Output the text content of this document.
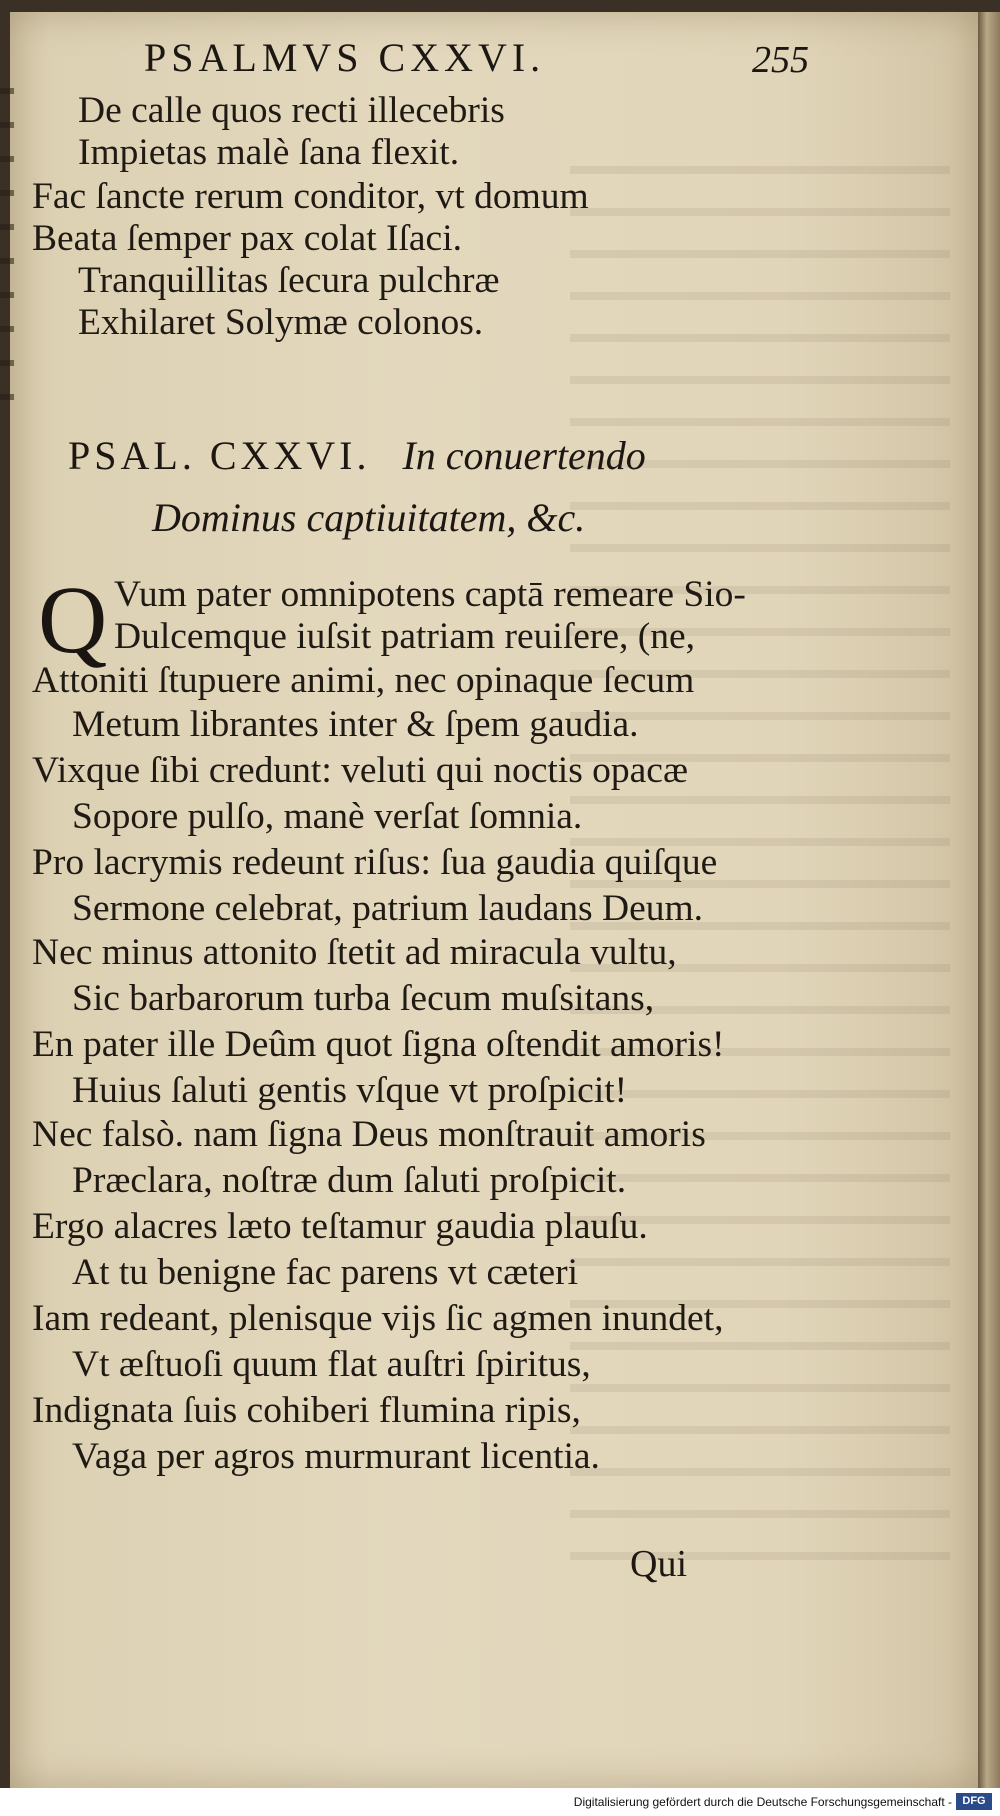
PSALMVS CXXVI.	255
De calle quos recti illecebris
Impietas malè ſana flexit.
Fac ſancte rerum conditor, vt domum
Beata ſemper pax colat Iſaci.
Tranquillitas ſecura pulchræ
Exhilaret Solymæ colonos.
PSAL. CXXVI. In conuertendo
Dominus captiuitatem, &c.
Q Vum pater omnipotens captā remeare Sio-
Dulcemque iuſsit patriam reuiſere, (ne,
Attoniti ſtupuere animi, nec opinaque ſecum
Metum librantes inter & ſpem gaudia.
Vixque ſibi credunt: veluti qui noctis opacæ
Sopore pulſo, manè verſat ſomnia.
Pro lacrymis redeunt riſus: ſua gaudia quiſque
Sermone celebrat, patrium laudans Deum.
Nec minus attonito ſtetit ad miracula vultu,
Sic barbarorum turba ſecum muſsitans,
En pater ille Deûm quot ſigna oſtendit amoris!
Huius ſaluti gentis vſque vt proſpicit!
Nec falsò. nam ſigna Deus monſtrauit amoris
Præclara, noſtræ dum ſaluti proſpicit.
Ergo alacres læto teſtamur gaudia plauſu.
At tu benigne fac parens vt cæteri
Iam redeant, plenisque vijs ſic agmen inundet,
Vt æſtuoſi quum flat auſtri ſpiritus,
Indignata ſuis cohiberi flumina ripis,
Vaga per agros murmurant licentia.
Qui
Digitalisierung gefördert durch die Deutsche Forschungsgemeinschaft - DFG
